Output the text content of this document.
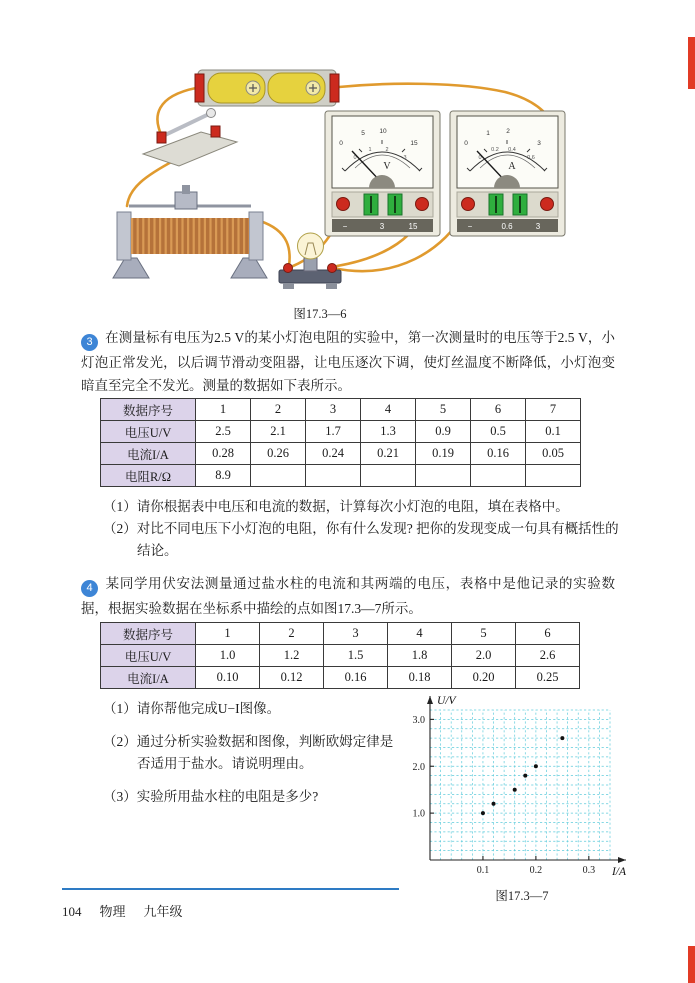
0
5 10
15
0
1	2
3
V
−	3	15
0
1	2
3
0
0.2 0.4
0.6
A
−	0.6	3
图17.3—6
3 在测量标有电压为2.5 V的某小灯泡电阻的实验中，第一次测量时的电压等于2.5 V，小灯泡正常发光，以后调节滑动变阻器，让电压逐次下调，使灯丝温度不断降低，小灯泡变暗直至完全不发光。测量的数据如下表所示。
数据序号	1	2	3	4	5	6	7
电压U/V	2.5	2.1	1.7	1.3	0.9	0.5	0.1
电流I/A	0.28	0.26	0.24	0.21	0.19	0.16	0.05
电阻R/Ω	8.9						
（1）请你根据表中电压和电流的数据，计算每次小灯泡的电阻，填在表格中。
（2）对比不同电压下小灯泡的电阻，你有什么发现? 把你的发现变成一句具有概括性的结论。
4 某同学用伏安法测量通过盐水柱的电流和其两端的电压，表格中是他记录的实验数据，根据实验数据在坐标系中描绘的点如图17.3—7所示。
数据序号	1	2	3	4	5	6
电压U/V	1.0	1.2	1.5	1.8	2.0	2.6
电流I/A	0.10	0.12	0.16	0.18	0.20	0.25
（1）请你帮他完成U−I图像。
（2）通过分析实验数据和图像，判断欧姆定律是否适用于盐水。请说明理由。
（3）实验所用盐水柱的电阻是多少?
0.1	0.2	0.3
1.0
2.0
3.0
U/V
I/A
图17.3—7
104 物理 九年级
